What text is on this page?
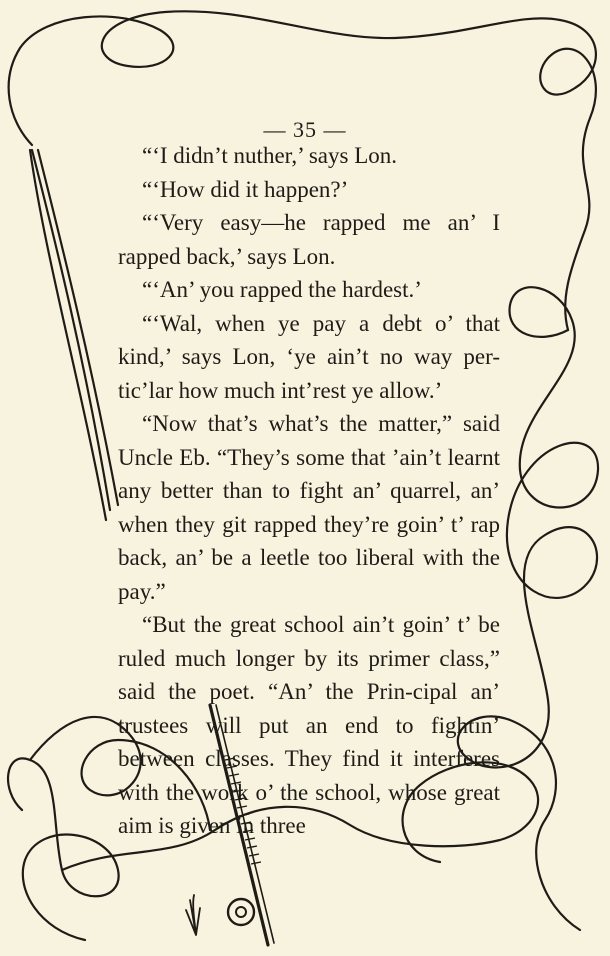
— 35 —

“‘I didn’t nuther,’ says Lon.

“‘How did it happen?’

“‘Very easy—he rapped me an’ I rapped back,’ says Lon.

“‘An’ you rapped the hardest.’

“‘Wal, when ye pay a debt o’ that kind,’ says Lon, ‘ye ain’t no way per-tic’lar how much int’rest ye allow.’

“Now that’s what’s the matter,” said Uncle Eb. “They’s some that ’ain’t learnt any better than to fight an’ quarrel, an’ when they git rapped they’re goin’ t’ rap back, an’ be a leetle too liberal with the pay.”

“But the great school ain’t goin’ t’ be ruled much longer by its primer class,” said the poet. “An’ the Prin-cipal an’ trustees will put an end to fightin’ between classes. They find it interferes with the work o’ the school, whose great aim is given in three
